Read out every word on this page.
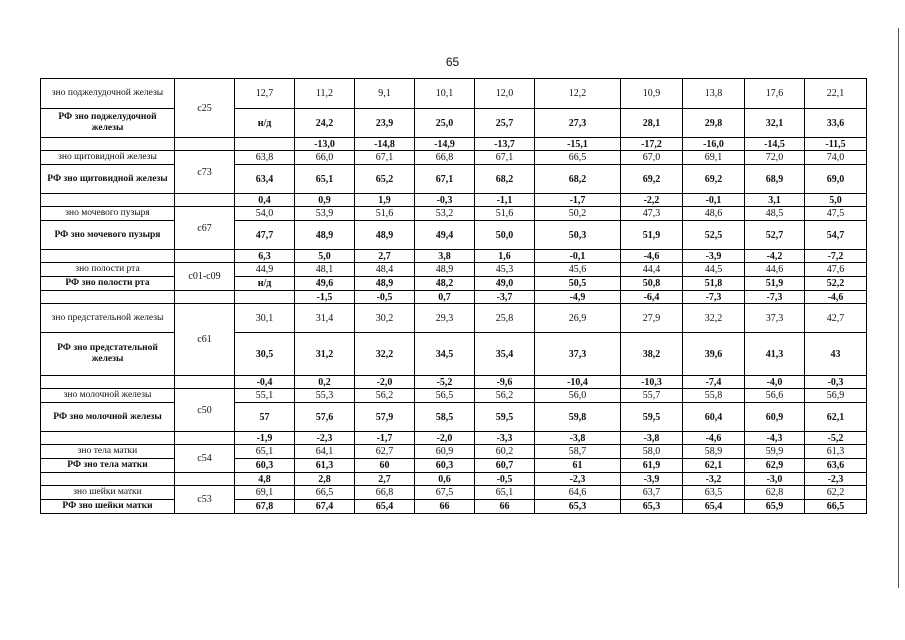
65
зно поджелудочной железы	c25	12,7	11,2	9,1	10,1	12,0	12,2	10,9	13,8	17,6	22,1
РФ зно поджелудочной железы		н/д	24,2	23,9	25,0	25,7	27,3	28,1	29,8	32,1	33,6
			-13,0	-14,8	-14,9	-13,7	-15,1	-17,2	-16,0	-14,5	-11,5
зно щитовидной железы	c73	63,8	66,0	67,1	66,8	67,1	66,5	67,0	69,1	72,0	74,0
РФ зно щитовидной железы		63,4	65,1	65,2	67,1	68,2	68,2	69,2	69,2	68,9	69,0
		0,4	0,9	1,9	-0,3	-1,1	-1,7	-2,2	-0,1	3,1	5,0
зно мочевого пузыря	c67	54,0	53,9	51,6	53,2	51,6	50,2	47,3	48,6	48,5	47,5
РФ зно мочевого пузыря		47,7	48,9	48,9	49,4	50,0	50,3	51,9	52,5	52,7	54,7
		6,3	5,0	2,7	3,8	1,6	-0,1	-4,6	-3,9	-4,2	-7,2
зно полости рта	c01-c09	44,9	48,1	48,4	48,9	45,3	45,6	44,4	44,5	44,6	47,6
РФ зно полости рта		н/д	49,6	48,9	48,2	49,0	50,5	50,8	51,8	51,9	52,2
			-1,5	-0,5	0,7	-3,7	-4,9	-6,4	-7,3	-7,3	-4,6
зно предстательной железы	c61	30,1	31,4	30,2	29,3	25,8	26,9	27,9	32,2	37,3	42,7
РФ зно предстательной железы		30,5	31,2	32,2	34,5	35,4	37,3	38,2	39,6	41,3	43
		-0,4	0,2	-2,0	-5,2	-9,6	-10,4	-10,3	-7,4	-4,0	-0,3
зно молочной железы	c50	55,1	55,3	56,2	56,5	56,2	56,0	55,7	55,8	56,6	56,9
РФ зно молочной железы		57	57,6	57,9	58,5	59,5	59,8	59,5	60,4	60,9	62,1
		-1,9	-2,3	-1,7	-2,0	-3,3	-3,8	-3,8	-4,6	-4,3	-5,2
зно тела матки	c54	65,1	64,1	62,7	60,9	60,2	58,7	58,0	58,9	59,9	61,3
РФ зно тела матки		60,3	61,3	60	60,3	60,7	61	61,9	62,1	62,9	63,6
		4,8	2,8	2,7	0,6	-0,5	-2,3	-3,9	-3,2	-3,0	-2,3
зно шейки матки	c53	69,1	66,5	66,8	67,5	65,1	64,6	63,7	63,5	62,8	62,2
РФ зно шейки матки		67,8	67,4	65,4	66	66	65,3	65,3	65,4	65,9	66,5
